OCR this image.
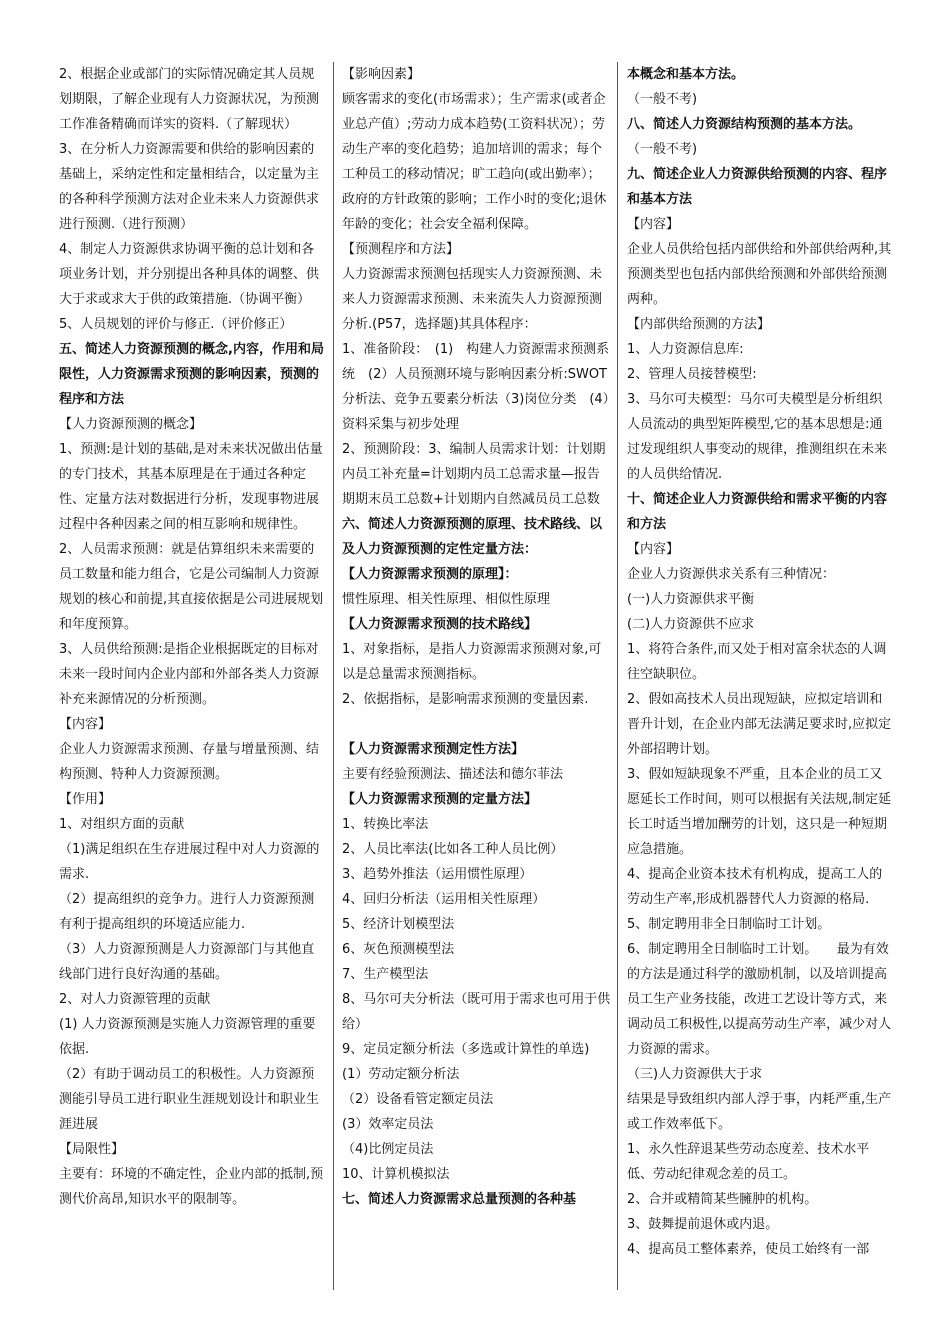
2、根据企业或部门的实际情况确定其人员规划期限，了解企业现有人力资源状况，为预测工作准备精确而详实的资料.（了解现状）

3、在分析人力资源需要和供给的影响因素的基础上，采纳定性和定量相结合，以定量为主的各种科学预测方法对企业未来人力资源供求进行预测.（进行预测）

4、制定人力资源供求协调平衡的总计划和各项业务计划，并分别提出各种具体的调整、供大于求或求大于供的政策措施.（协调平衡）

5、人员规划的评价与修正.（评价修正）

五、简述人力资源预测的概念,内容，作用和局限性，人力资源需求预测的影响因素，预测的程序和方法

【人力资源预测的概念】

1、预测:是计划的基础,是对未来状况做出估量的专门技术，其基本原理是在于通过各种定性、定量方法对数据进行分析，发现事物进展过程中各种因素之间的相互影响和规律性。

2、人员需求预测：就是估算组织未来需要的员工数量和能力组合，它是公司编制人力资源规划的核心和前提,其直接依据是公司进展规划和年度预算。

3、人员供给预测:是指企业根据既定的目标对未来一段时间内企业内部和外部各类人力资源补充来源情况的分析预测。

【内容】

企业人力资源需求预测、存量与增量预测、结构预测、特种人力资源预测。

【作用】

1、对组织方面的贡献

（1)满足组织在生存进展过程中对人力资源的需求.

（2）提高组织的竞争力。进行人力资源预测有利于提高组织的环境适应能力.

（3）人力资源预测是人力资源部门与其他直线部门进行良好沟通的基础。

2、对人力资源管理的贡献

(1) 人力资源预测是实施人力资源管理的重要依据.

（2）有助于调动员工的积极性。人力资源预测能引导员工进行职业生涯规划设计和职业生涯进展

【局限性】

主要有：环境的不确定性，企业内部的抵制,预测代价高昂,知识水平的限制等。

【影响因素】

顾客需求的变化(市场需求）；生产需求(或者企业总产值）;劳动力成本趋势(工资料状况）；劳动生产率的变化趋势；追加培训的需求；每个工种员工的移动情况；旷工趋向(或出勤率）；政府的方针政策的影响；工作小时的变化;退休年龄的变化；社会安全福利保障。

【预测程序和方法】

人力资源需求预测包括现实人力资源预测、未来人力资源需求预测、未来流失人力资源预测分析.(P57，选择题)其具体程序：

1、准备阶段：　(1)　构建人力资源需求预测系统　(2）人员预测环境与影响因素分析:SWOT分析法、竞争五要素分析法（3)岗位分类　(4）资料采集与初步处理

2、预测阶段：3、编制人员需求计划：计划期内员工补充量=计划期内员工总需求量—报告期期末员工总数+计划期内自然减员员工总数

六、简述人力资源预测的原理、技术路线、以及人力资源预测的定性定量方法：

【人力资源需求预测的原理】：

惯性原理、相关性原理、相似性原理

【人力资源需求预测的技术路线】

1、对象指标，是指人力资源需求预测对象,可以是总量需求预测指标。

2、依据指标，是影响需求预测的变量因素.

【人力资源需求预测定性方法】

主要有经验预测法、描述法和德尔菲法

【人力资源需求预测的定量方法】

1、转换比率法

2、人员比率法(比如各工种人员比例）

3、趋势外推法（运用惯性原理）

4、回归分析法（运用相关性原理）

5、经济计划模型法

6、灰色预测模型法

7、生产模型法

8、马尔可夫分析法（既可用于需求也可用于供给）

9、定员定额分析法（多选或计算性的单选)

(1）劳动定额分析法

（2）设备看管定额定员法

(3）效率定员法

（4)比例定员法

10、计算机模拟法

七、简述人力资源需求总量预测的各种基

本概念和基本方法。

（一般不考)

八、简述人力资源结构预测的基本方法。

（一般不考)

九、简述企业人力资源供给预测的内容、程序和基本方法

【内容】

企业人员供给包括内部供给和外部供给两种,其预测类型也包括内部供给预测和外部供给预测两种。

【内部供给预测的方法】

1、人力资源信息库:

2、管理人员接替模型:

3、马尔可夫模型：马尔可夫模型是分析组织人员流动的典型矩阵模型,它的基本思想是:通过发现组织人事变动的规律，推测组织在未来的人员供给情况.

十、简述企业人力资源供给和需求平衡的内容和方法

【内容】

企业人力资源供求关系有三种情况：

(一)人力资源供求平衡

(二)人力资源供不应求

1、将符合条件,而又处于相对富余状态的人调往空缺职位。

2、假如高技术人员出现短缺，应拟定培训和晋升计划，在企业内部无法满足要求时,应拟定外部招聘计划。

3、假如短缺现象不严重，且本企业的员工又愿延长工作时间，则可以根据有关法规,制定延长工时适当增加酬劳的计划，这只是一种短期应急措施。

4、提高企业资本技术有机构成，提高工人的劳动生产率,形成机器替代人力资源的格局.

5、制定聘用非全日制临时工计划。

6、制定聘用全日制临时工计划。　　最为有效的方法是通过科学的激励机制，以及培训提高员工生产业务技能，改进工艺设计等方式，来调动员工积极性,以提高劳动生产率，减少对人力资源的需求。

（三)人力资源供大于求

结果是导致组织内部人浮于事，内耗严重,生产或工作效率低下。

1、永久性辞退某些劳动态度差、技术水平低、劳动纪律观念差的员工。

2、合并或精简某些臃肿的机构。

3、鼓舞提前退休或内退。

4、提高员工整体素养，使员工始终有一部
